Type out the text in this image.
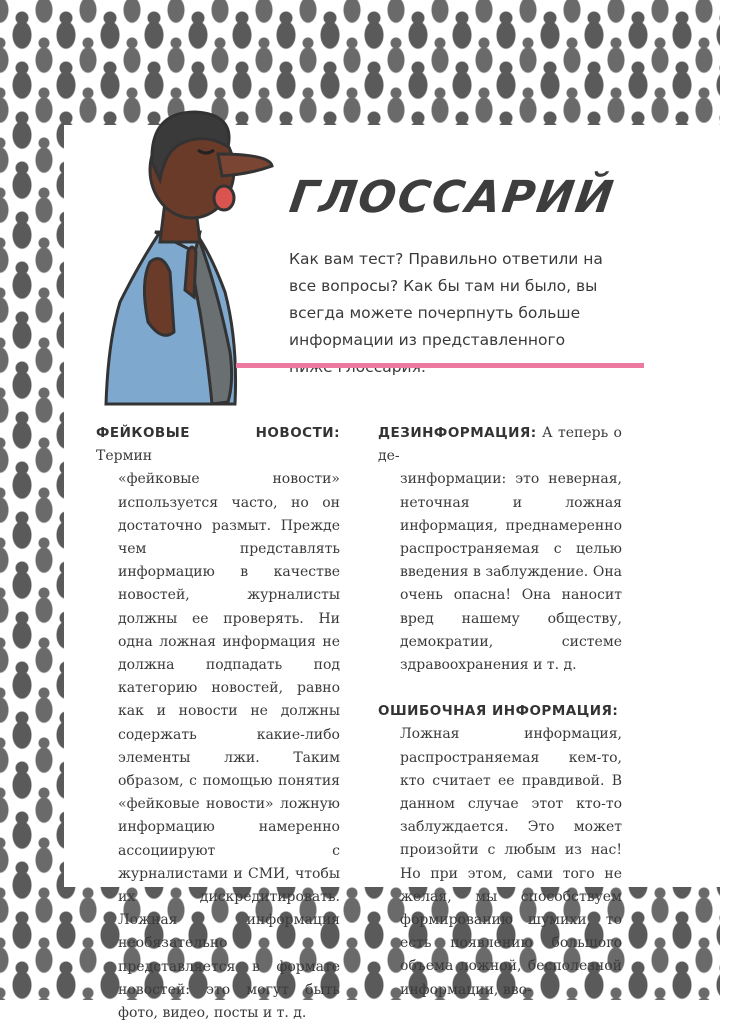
ГЛОССАРИЙ
Как вам тест? Правильно ответили на все вопросы? Как бы там ни было, вы всегда можете почерпнуть больше информации из представленного

ФЕЙКОВЫЕ НОВОСТИ: Термин

«фейковые новости» используется часто, но он достаточно размыт. Прежде чем представлять информацию в качестве новостей, журналисты должны ее проверять. Ни одна ложная информация не должна подпадать под категорию новостей, равно как и новости не должны содержать какие-либо элементы лжи. Таким образом, с помощью понятия «фейковые новости» ложную информацию намеренно ассоциируют с журналистами и СМИ, чтобы их дискредитировать. Ложная информация необязательно представляется в формате новостей: это могут быть фото, видео, посты и т. д.

ДЕЗИНФОРМАЦИЯ: А теперь о де-

зинформации: это неверная, неточная и ложная информация, преднамеренно распространяемая с целью введения в заблуждение. Она очень опасна! Она наносит вред нашему обществу, демократии, системе здравоохранения и т. д.

ОШИБОЧНАЯ ИНФОРМАЦИЯ:

Ложная информация, распространяемая кем-то, кто считает ее правдивой. В данном случае этот кто-то заблуждается. Это может произойти с любым из нас! Но при этом, сами того не желая, мы способствуем формированию шумихи, то есть появлению большого объема ложной, бесполезной информации, вво-
